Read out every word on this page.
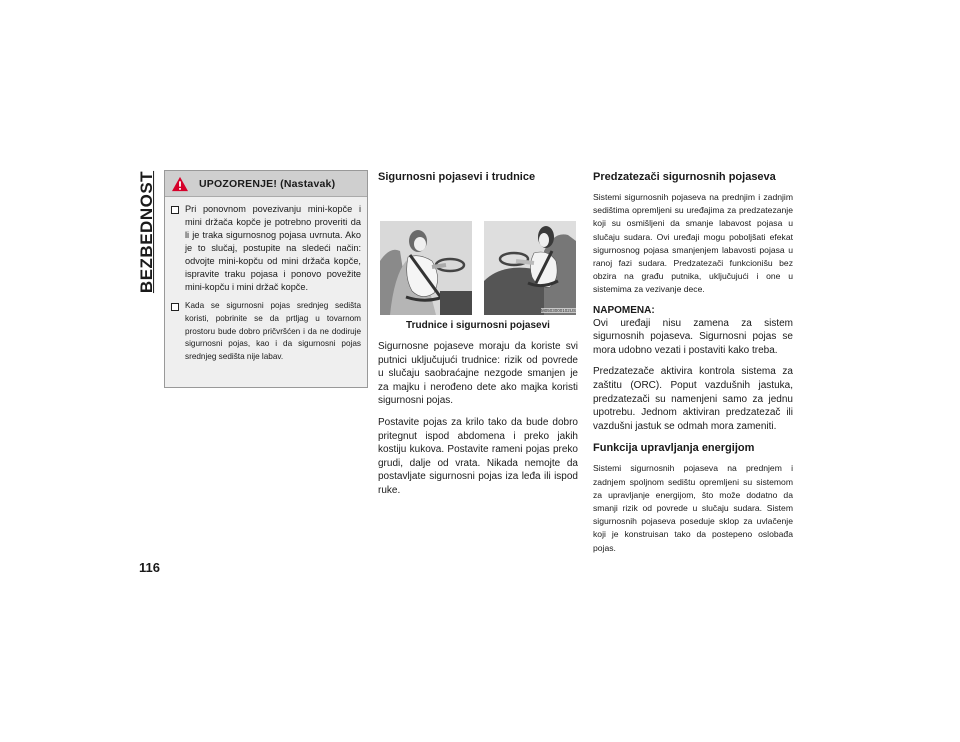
BEZBEDNOST
116
UPOZORENJE! (Nastavak)
Pri ponovnom povezivanju mini-kopče i mini držača kopče je potrebno proveriti da li je traka sigurnosnog pojasa uvrnuta. Ako je to slučaj, postupite na sledeći način: odvojte mini-kopču od mini držača kopče, ispravite traku pojasa i ponovo povežite mini-kopču i mini držač kopče.
Kada se sigurnosni pojas srednjeg sedišta koristi, pobrinite se da prtljag u tovarnom prostoru bude dobro pričvršćen i da ne dodiruje sigurnosni pojas, kao i da sigurnosni pojas srednjeg sedišta nije labav.
Sigurnosni pojasevi i trudnice
M0503000102US
Trudnice i sigurnosni pojasevi

Sigurnosne pojaseve moraju da koriste svi putnici uključujući trudnice: rizik od povrede u slučaju saobraćajne nezgode smanjen je za majku i nerođeno dete ako majka koristi sigurnosni pojas.

Postavite pojas za krilo tako da bude dobro pritegnut ispod abdomena i preko jakih kostiju kukova. Postavite rameni pojas preko grudi, dalje od vrata. Nikada nemojte da postavljate sigurnosni pojas iza leđa ili ispod ruke.

Predzatezači sigurnosnih pojaseva

Sistemi sigurnosnih pojaseva na prednjim i zadnjim sedištima opremljeni su uređajima za predzatezanje koji su osmišljeni da smanje labavost pojasa u slučaju sudara. Ovi uređaji mogu poboljšati efekat sigurnosnog pojasa smanjenjem labavosti pojasa u ranoj fazi sudara. Predzatezači funkcionišu bez obzira na građu putnika, uključujući i one u sistemima za vezivanje dece.

NAPOMENA:

Ovi uređaji nisu zamena za sistem sigurnosnih pojaseva. Sigurnosni pojas se mora udobno vezati i postaviti kako treba.

Predzatezače aktivira kontrola sistema za zaštitu (ORC). Poput vazdušnih jastuka, predzatezači su namenjeni samo za jednu upotrebu. Jednom aktiviran predzatezač ili vazdušni jastuk se odmah mora zameniti.

Funkcija upravljanja energijom

Sistemi sigurnosnih pojaseva na prednjem i zadnjem spoljnom sedištu opremljeni su sistemom za upravljanje energijom, što može dodatno da smanji rizik od povrede u slučaju sudara. Sistem sigurnosnih pojaseva poseduje sklop za uvlačenje koji je konstruisan tako da postepeno oslobađa pojas.
